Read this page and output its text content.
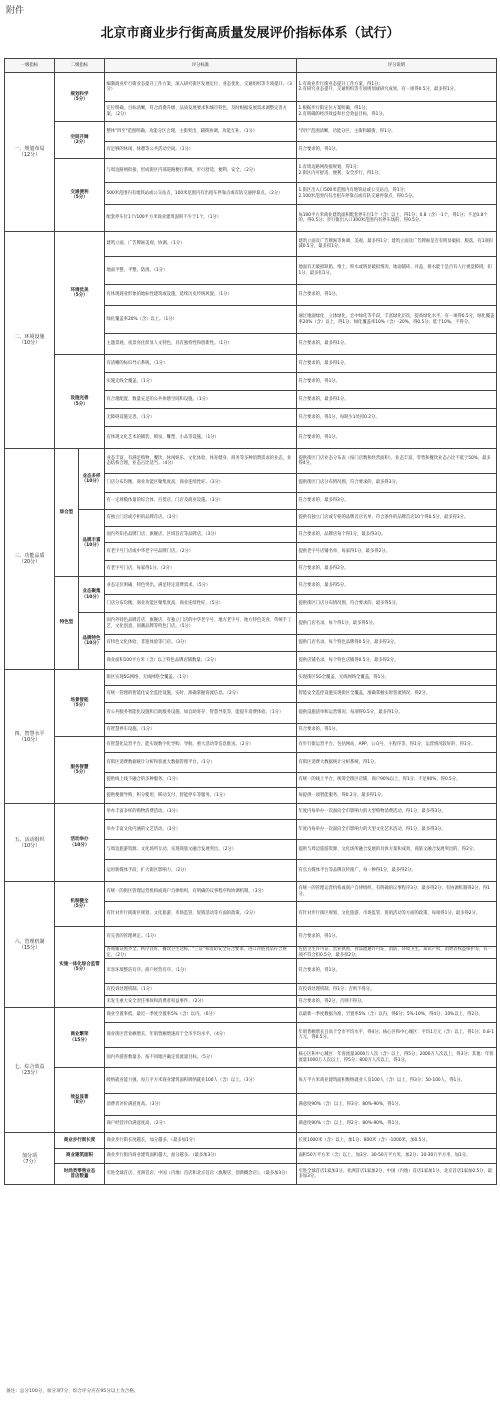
附件
北京市商业步行街高质量发展评价指标体系（试行）
一级指标	二级指标		评分标准	评分说明
一、规划布局
（12分）	规划科学
（5分）		编制商业步行街业态提升工作方案，深入研究街区发展定位、业态优化、交通组织等专项提升。（3分）	1.有商业步行街业态提升工作方案，得1分；
2.有研究业态提升、交通组织等专项规划或研究成果，有一项得0.5分，最多得1分。
			定位明确，目标清晰，符合消费升级、品质发展要求和城市特色，及时根据发展需求调整完善方案。（2分）	1.根据步行街定位方案明确，得1分；
2.有明确的经济效益和社会效益目标，得1分。
	空间开阔
（2分）		整体"四至"范围明确，功能分区合理，主街突出，辅街协调，功能互补。（1分）	"四至"范围清晰，功能分区、主街和辅街，得1分。
			有足够的休闲、休憩等公共活动空间。（1分）	符合要求的，得1分。
	交通便利
（5分）		与周边路网衔接，形成街区内部道路便行系统，步行舒适、便利、安全。（2分）	1.有周边路网衔接规划，得1分；
2.街区内可舒适、便利、安全步行，得1分。
			500米范围内有地铁站或公交站点，100米范围内有出租车停靠点或有轨交通停靠点。（2分）	1.街区出入口500米范围内有地铁站或公交站点，得1分；
2.100米范围内有出租车停靠点或有轨交通停靠点，得0.5分。
			配套停车位1个/100平方米商业建筑面积不少于1个。（1分）	每100平方米商业建筑面积配套停车位1个（含）以上，得1分；0.8（含）-1个，得1分；不足0.8个的，得0.5分；步行街出入口300米范围内有停车场的，得0.5分。
二、环境设施
（10分）	环境优美
（5分）		建筑立面、广告牌匾美观、协调。（1分）	建筑立面及广告牌匾等协调、美观，最多得1分；建筑立面及广告牌匾是否有明显破损、脱落，有1项扣减0.5分，最多扣1分。
			地面平整、平整、防滑。（1分）	地面有无破损缺陷、堆土、积水或明显破损情况，地面铺砖、井盖、排水能于是否有人行视觉障碍，扣1分，最多扣1分。
			有体现商业形象的地标性建筑或设施，延续历史传统风貌。（1分）	符合要求的，得1分。
			绿化覆盖率20%（含）以上。（1分）	通过地面绿化、立体绿化、宏中绿化等手段，丰富绿化层次，提高绿化水平，有一项得0.5分，绿化覆盖率20%（含）以上，得1分；绿化覆盖率10%（含）-20%，得0.5分；低于10%，不得分。
			主题景观，夜景亮化彰显人文特色，具有独特性和创新性。（1分）	符合要求的，最多得1分。
	设施完善
（5分）		有清晰的标识导示系统。（1分）	符合要求的，最多得1分。
			实施无线全覆盖。（1分）	符合要求的，得1分。
			有合理配置、数量充足的公共休憩空间和设施。（1分）	符合要求的，最多得1分。
			无障碍设施完善。（1分）	符合要求的，得1分，每缺少1处扣0.2分。
			有体现文化艺术的铺装、喷泉、雕塑、小品等设施。（1分）	符合要求的，得1分。
三、功能品质
（20分）	综合型	业态多样
（10分）	业态丰富，有满足购物、餐饮、休闲娱乐、文化体验、体育健身、商务等多种消费需求的业态，业态结构合理，业态占比适当。（4分）	提供街区门店业态分布表（按门店数和经营面积），业态丰富，零售和餐饮业态占比不低于50%，最多得4分。
			门店分布均衡，商业功能区聚集度高，商业连续性好。（3分）	提供街区门店分布情况图，符合要求的，最多得3分。
			有一定规模体量的综合体、百货店、门店及商业设施。（3分）	符合要求的，最多得3分。
		品牌丰富
（10分）	有独立门店或专柜的品牌首店。（3分）	提供有独立门店或专柜的品牌首店名单，符合条件的品牌首店10个得0.5分，最多得3分。
			国内外知名品牌门店、旗舰店、区域首店等品牌店。（3分）	符合要求的，品牌店每个得1分，最多得3分。
			有老字号门店或中华老字号品牌门店。（2分）	提供老字号店铺名单，每家得1分，最多得2分。
			有老字号门店，每家得1分。（2分）	符合要求的，最多得2分。
	特色型	业态聚集
（10分）	业态定位明确，特色突出，满足特定消费需求。（5分）	符合要求的，最多得5分。
			门店分布均衡，商业功能区聚集度高，商业连续性好。（5分）	提供街区门店分布情况图，符合要求的，最多得5分。
		品牌特色
（10分）	国内外特色品牌首店、旗舰店，有独立门店的中华老字号、地方老字号、地方特色美食、传统手工艺、文化创意、国潮品牌等特色门店。（5分）	提供门店名录，每个得1分，最多得5分。
			有特色文化体验、非遗体验等门店。（3分）	提供门店名录，每个特色品牌得0.5分，最多得3分。
			商业面积100平方米（含）以上特色品牌店铺数量。（2分）	提供店铺名录，每个特色店铺得0.5分，最多得2分。
四、智慧水平
（10分）	场景智能
（5分）		街区实现5G网络、无线网络全覆盖。（1分）	实现街区5G全覆盖、无线网络全覆盖，得1分。
			有统一管理的智能化安全监控设施，实时、准确掌握客流信息。（2分）	智能安全监控设施实现街区全覆盖，准确掌握实时客流情况，得2分。
			有公共服务智能化设施和自助服务设施，如自助寄存、智慧导览等，能提升消费体验。（1分）	提供设施清单和运营情况，每项得0.5分，最多得1分。
			有智慧停车设施。（1分）	符合要求的，得1分。
	服务智慧
（5分）		有智慧化运营平台，能实现数字化导购、导航、重大活动等信息推送。（2分）	有步行街运营平台，包括网站、APP、公众号、小程序等，得1分，运营情况较好的，得1分。
			有街区消费数据统计分析和客流大数据管理平台。（1分）	有街区消费大数据统计分析系统，得1分。
			提供线上线下融合的多种服务。（1分）	有统一的线上平台，统筹全街区店铺，商户90%以上，得1分；不足90%，得0.5分。
			提供便捷导购、积分使用、移动支付、智能停车等服务。（1分）	每提供一项智能服务，得0.2分，最多得1分。
五、活动组织
（10分）	活动举办
（10分）		举办丰富多样的购物消费活动。（3分）	年度内每举办一次面向全市影响力的大型购物消费活动，得1分，最多得3分。
			举办丰富文化内涵的文艺活动。（3分）	年度内每举办一次面向全市影响力的大型文化艺术活动，得1分，最多得3分。
			与周边旅游资源、文化场所互动，实现商旅文融合发展突出。（2分）	提供与周边旅游资源、文化场所融合发展的具体方案和成效，商旅文融合发展突出的，得2分。
			运用新媒体手段，扩大街区影响力。（2分）	有官方媒体平台等品牌宣传推广，每一种得1分，最多得2分。
六、管理机制
（15分）	机制健全
（5分）		有统一的街区管理运营机构或商户自律组织，有明确的议事程序和协调机制。（3分）	有统一的管理运营机构或商户自律组织，有明确的议事程序3分，最多得2分；有协调机制得2分，得1分。
			有针对步行街街区规划、文化旅游、市场监管、促销活动等方面的政策。（2分）	有针对步行街区规划、文化旅游、市场监管、促销活动等方面的政策，每项得1分，最多得2分。
	实施一体化综合监管
（5分）		有完善的管理规定。（1分）	符合要求的，得1分。
			各商铺证照齐全，秩序良好，餐饮卫生达标，"三证"和消防安全符合要求，进口冷链食品符合规定。（2分）	包括卫生许可证、营业执照、食品流通许可证、消防、环境卫生、知识产权、消费者权益保护等，有一项不符合扣0.5分，最多扣2分。
			市容环境整洁有序，商户经营有序。（1分）	符合要求的，得1分。
			有投诉处理机制。（1分）	有投诉处理机制，得1分；否则不得分。
			未发生重大安全责任事故和消费者权益事件。（2分）	符合要求的，得2分，否则不得分。
七、综合效益
（23分）	商业繁荣
（15分）		商业空置率低，最近一季度空置率5%（含）以内。（6分）	以最新一季度数据为准，空置率5%（含）以内，得6分；5%-10%，得4分；10%以上，得2分。
			商业街区营业额增长，年销售额增速高于全市平均水平。（4分）	年销售额增长且高于全市平均水平，得4分；核心区和中心城区：平均1万元（含）以上，得1分；0.8-1万元，得0.5分。
			国内外游客数量多，按不同地区确定客流量目标。（5分）	核心区和中心城区：年客流量3000万人次（含）以上，得5分；2000万人次以上，得3分；其他：年客流量1000万人次以上，得5分；800万人次以上，得3分。
	效益显著
（8分）		吸纳就业能力强，每万平方米商业建筑面积吸纳就业100人（含）以上。（3分）	每万平方米商业建筑面积吸纳就业人员100人（含）以上，得3分；50-100人，得1分。
			消费者评价满意度高。（3分）	满意度90%（含）以上，得3分；80%-90%，得1分。
			商户经营评价满意度高。（2分）	满意度90%（含）以上，得2分；80%-90%，得1分。
加分项
（7分）	商业步行街长度		商业步行街长度越长，加分越多。（最多加1分）	长度1000米（含）以上，加1分；800米（含）-1000米，加0.5分。
	商业建筑面积		商业步行街内商业建筑面积越大，加分越多。（最多加3分）	面积50万平方米（含）以上，加3分；30-50万平方米，加2分；10-30万平方米，加1分。
	时尚类零售业态
首店数量		引进全球首店、亚洲首店、中国（内地）首店和北京首店（旗舰店、创新概念店）。（最多加3分）	引进全球首店1家加3分，亚洲首店1家加2分，中国（内地）首店1家加1分，北京首店1家加0.5分，最多加3分。
备注：总分100分，加分项7分，综合评分应在95分以上为合格。
